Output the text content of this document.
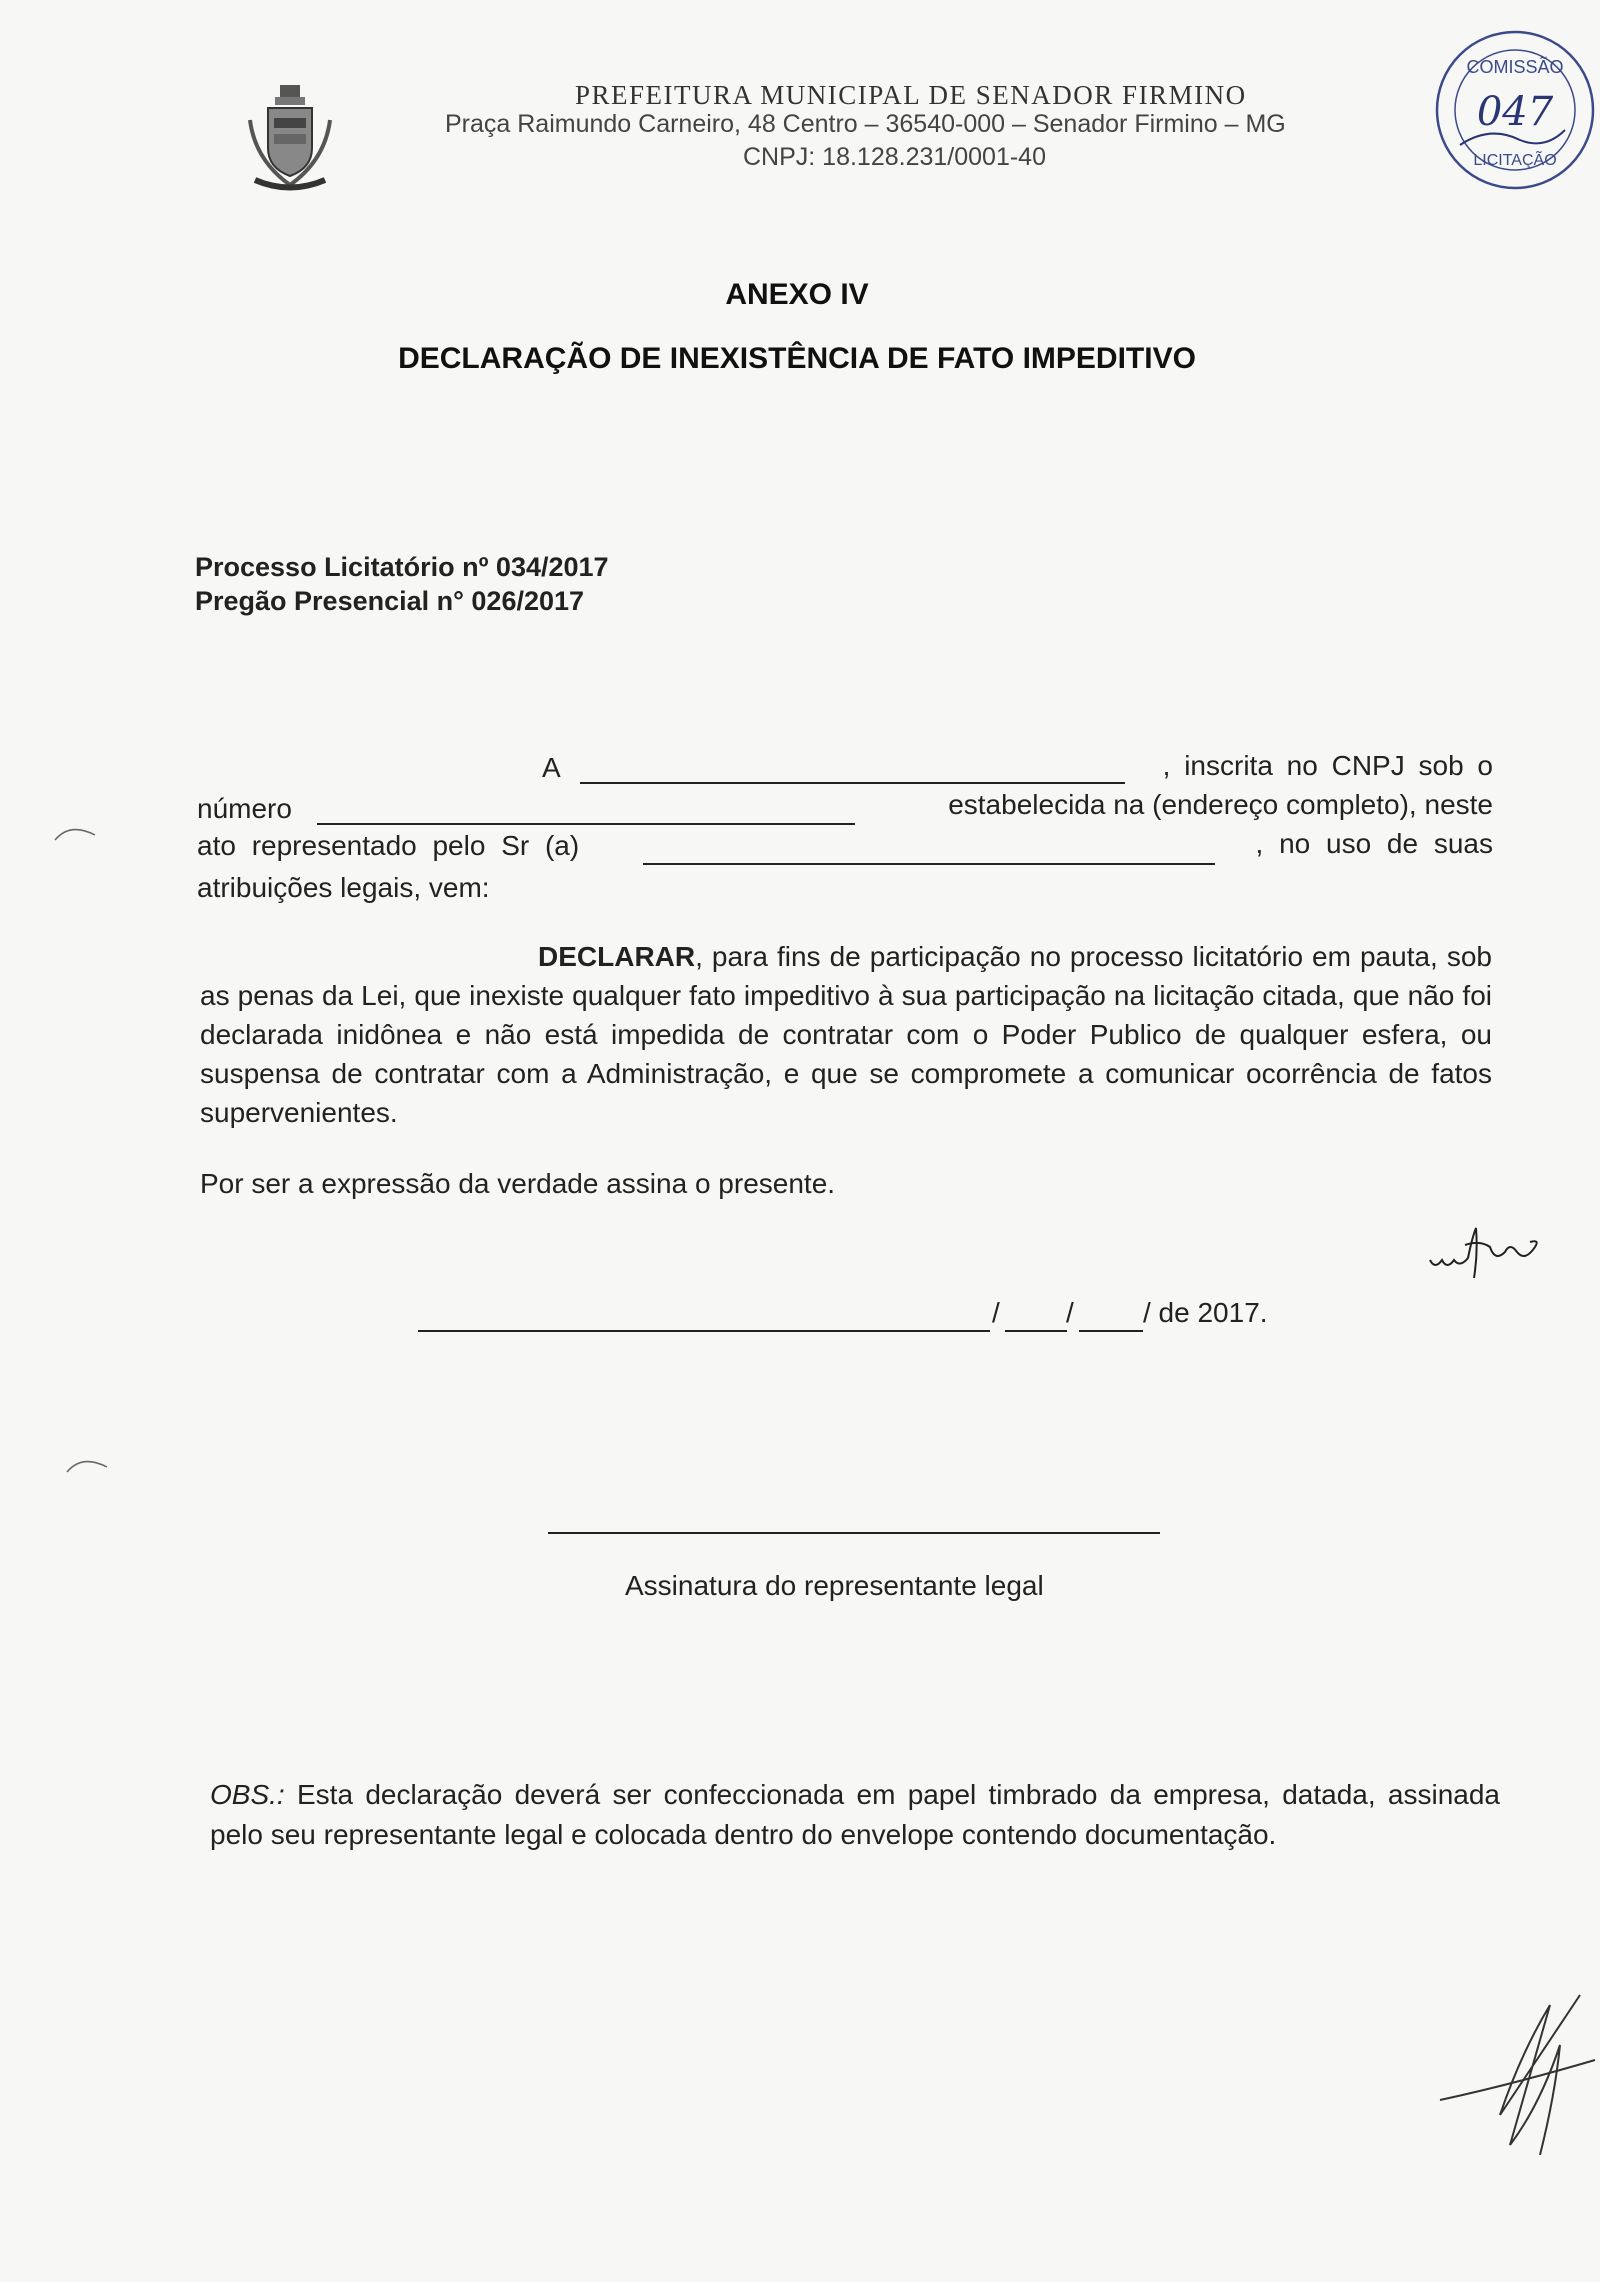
PREFEITURA MUNICIPAL DE SENADOR FIRMINO
Praça Raimundo Carneiro, 48 Centro – 36540-000 – Senador Firmino – MG
CNPJ: 18.128.231/0001-40
COMISSÃO
047
LICITAÇÃO
ANEXO IV
DECLARAÇÃO DE INEXISTÊNCIA DE FATO IMPEDITIVO
Processo Licitatório nº 034/2017
Pregão Presencial n° 026/2017
A	, inscrita no CNPJ sob o
número	estabelecida na (endereço completo), neste
ato representado pelo Sr (a)	, no uso de suas
atribuições legais, vem:
DECLARAR, para fins de participação no processo licitatório em pauta, sob as penas da Lei, que inexiste qualquer fato impeditivo à sua participação na licitação citada, que não foi declarada inidônea e não está impedida de contratar com o Poder Publico de qualquer esfera, ou suspensa de contratar com a Administração, e que se compromete a comunicar ocorrência de fatos supervenientes.
Por ser a expressão da verdade assina o presente.
/ / / de 2017.
Assinatura do representante legal
OBS.: Esta declaração deverá ser confeccionada em papel timbrado da empresa, datada, assinada pelo seu representante legal e colocada dentro do envelope contendo documentação.
